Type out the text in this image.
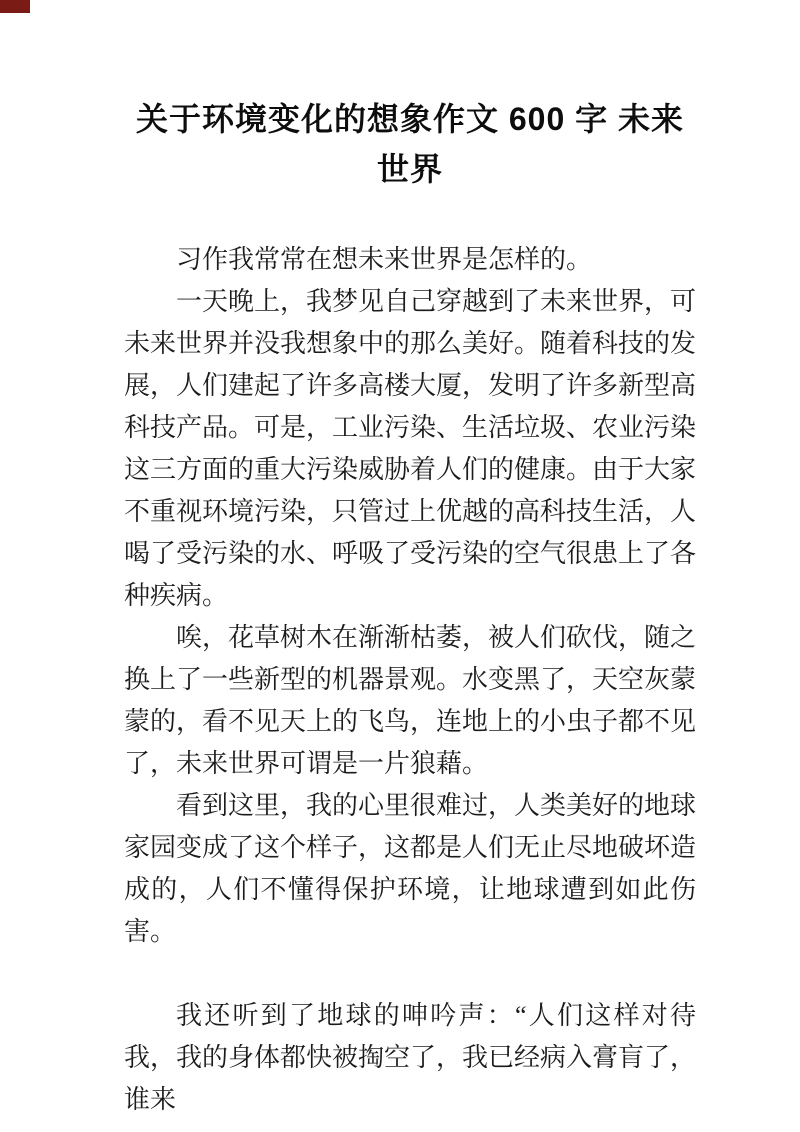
关于环境变化的想象作文 600 字 未来
世界

习作我常常在想未来世界是怎样的。

一天晚上，我梦见自己穿越到了未来世界，可未来世界并没我想象中的那么美好。随着科技的发展，人们建起了许多高楼大厦，发明了许多新型高科技产品。可是，工业污染、生活垃圾、农业污染这三方面的重大污染威胁着人们的健康。由于大家不重视环境污染，只管过上优越的高科技生活，人喝了受污染的水、呼吸了受污染的空气很患上了各种疾病。

唉，花草树木在渐渐枯萎，被人们砍伐，随之换上了一些新型的机器景观。水变黑了，天空灰蒙蒙的，看不见天上的飞鸟，连地上的小虫子都不见了，未来世界可谓是一片狼藉。

看到这里，我的心里很难过，人类美好的地球家园变成了这个样子，这都是人们无止尽地破坏造成的，人们不懂得保护环境，让地球遭到如此伤害。

我还听到了地球的呻吟声：“人们这样对待我，我的身体都快被掏空了，我已经病入膏肓了，谁来
